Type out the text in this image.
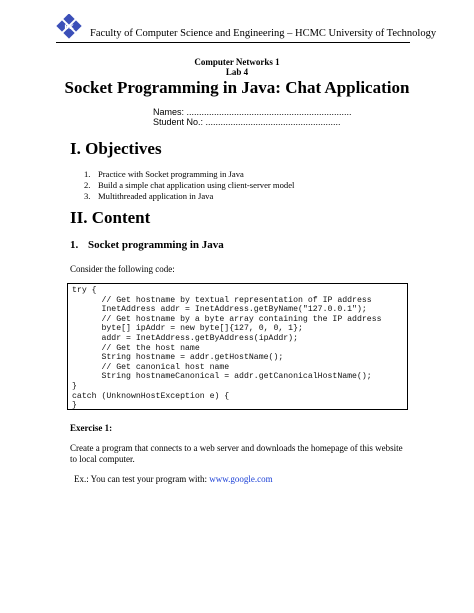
BK
Faculty of Computer Science and Engineering – HCMC University of Technology
Computer Networks 1
Lab 4
Socket Programming in Java: Chat Application
Names: ..................................................................
Student No.: ......................................................
I. Objectives
1. Practice with Socket programming in Java
2. Build a simple chat application using client-server model
3. Multithreaded application in Java
II. Content
1. Socket programming in Java
Consider the following code:
try {
// Get hostname by textual representation of IP address
InetAddress addr = InetAddress.getByName("127.0.0.1");
// Get hostname by a byte array containing the IP address
byte[] ipAddr = new byte[]{127, 0, 0, 1};
addr = InetAddress.getByAddress(ipAddr);
// Get the host name
String hostname = addr.getHostName();
// Get canonical host name
String hostnameCanonical = addr.getCanonicalHostName();
}
catch (UnknownHostException e) {
}
Exercise 1:
Create a program that connects to a web server and downloads the homepage of this website to local computer.
Ex.: You can test your program with: www.google.com
